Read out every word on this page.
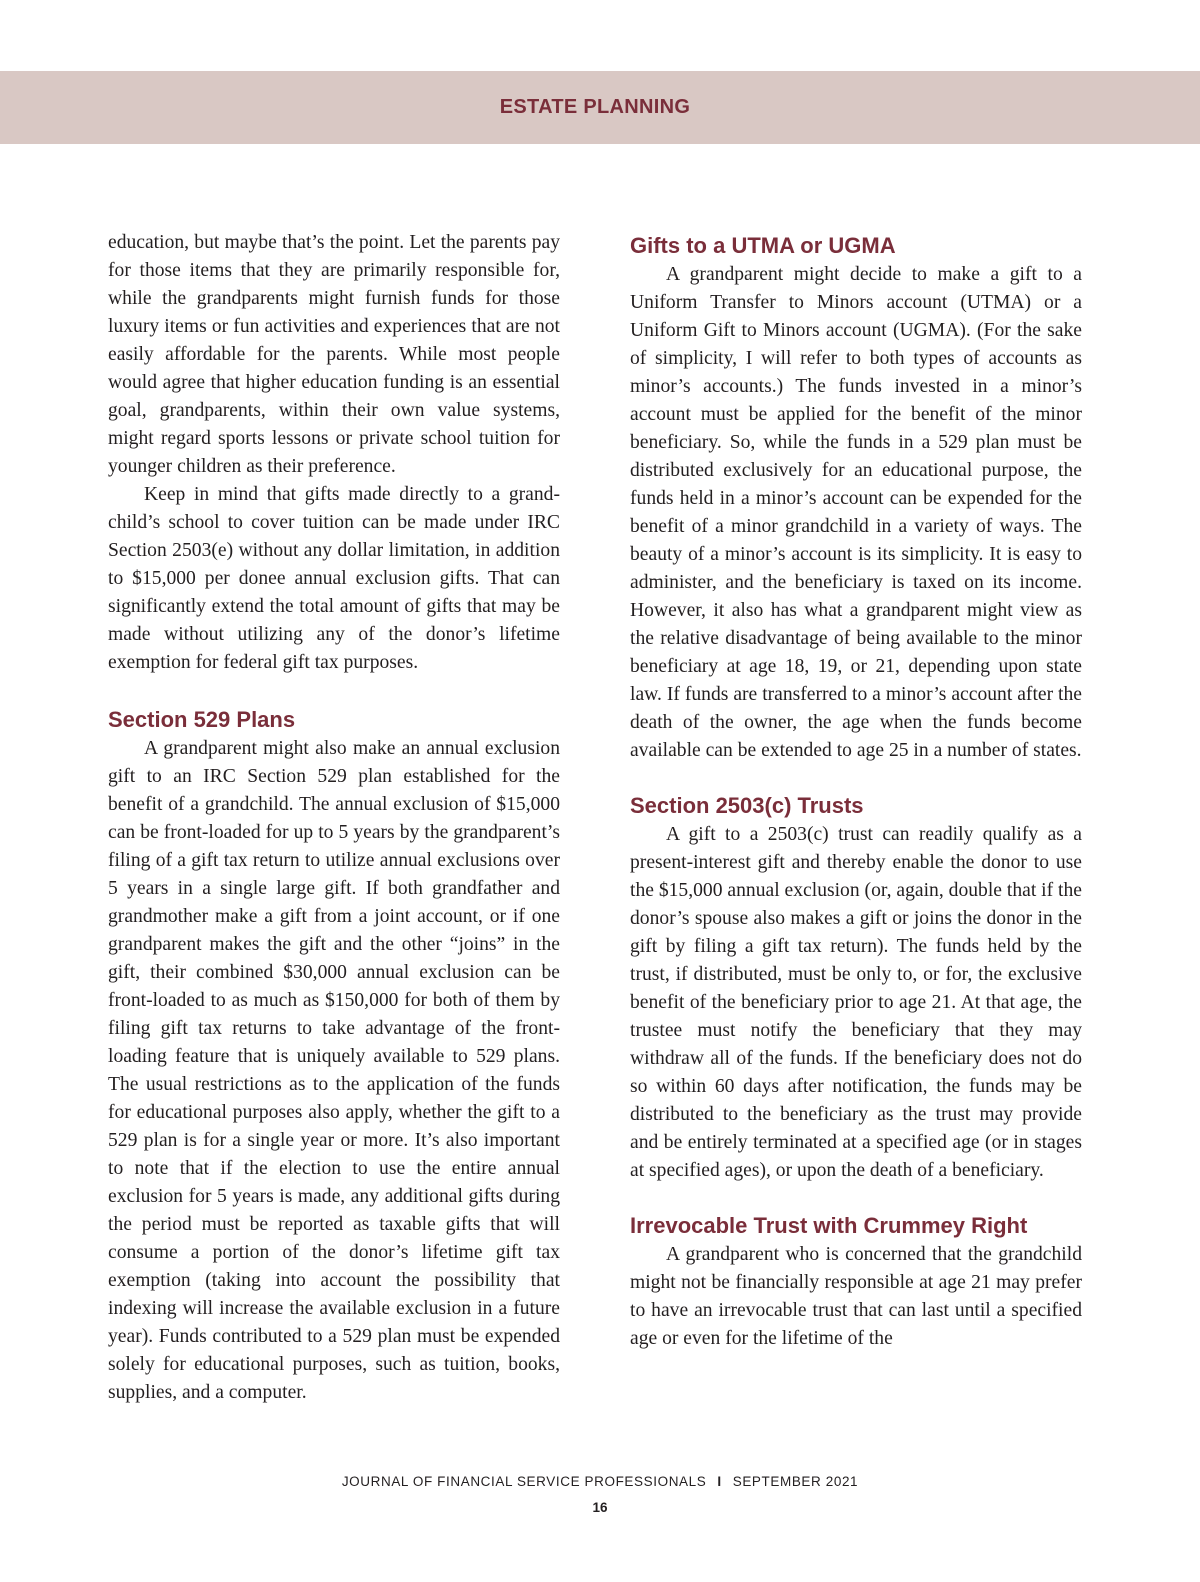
ESTATE PLANNING

education, but maybe that’s the point. Let the parents pay for those items that they are primarily responsible for, while the grandparents might furnish funds for those luxury items or fun activities and experiences that are not easily affordable for the parents. While most people would agree that higher education funding is an essential goal, grandparents, within their own value systems, might regard sports lessons or private school tuition for younger children as their preference.

Keep in mind that gifts made directly to a grandchild’s school to cover tuition can be made under IRC Section 2503(e) without any dollar limitation, in addition to $15,000 per donee annual exclusion gifts. That can significantly extend the total amount of gifts that may be made without utilizing any of the donor’s lifetime exemption for federal gift tax purposes.

Section 529 Plans

A grandparent might also make an annual exclusion gift to an IRC Section 529 plan established for the benefit of a grandchild. The annual exclusion of $15,000 can be front-loaded for up to 5 years by the grandparent’s filing of a gift tax return to utilize annual exclusions over 5 years in a single large gift. If both grandfather and grandmother make a gift from a joint account, or if one grandparent makes the gift and the other “joins” in the gift, their combined $30,000 annual exclusion can be front-loaded to as much as $150,000 for both of them by filing gift tax returns to take advantage of the front-loading feature that is uniquely available to 529 plans. The usual restrictions as to the application of the funds for educational purposes also apply, whether the gift to a 529 plan is for a single year or more. It’s also important to note that if the election to use the entire annual exclusion for 5 years is made, any additional gifts during the period must be reported as taxable gifts that will consume a portion of the donor’s lifetime gift tax exemption (taking into account the possibility that indexing will increase the available exclusion in a future year). Funds contributed to a 529 plan must be expended solely for educational purposes, such as tuition, books, supplies, and a computer.

Gifts to a UTMA or UGMA

A grandparent might decide to make a gift to a Uniform Transfer to Minors account (UTMA) or a Uniform Gift to Minors account (UGMA). (For the sake of simplicity, I will refer to both types of accounts as minor’s accounts.) The funds invested in a minor’s account must be applied for the benefit of the minor beneficiary. So, while the funds in a 529 plan must be distributed exclusively for an educational purpose, the funds held in a minor’s account can be expended for the benefit of a minor grandchild in a variety of ways. The beauty of a minor’s account is its simplicity. It is easy to administer, and the beneficiary is taxed on its income. However, it also has what a grandparent might view as the relative disadvantage of being available to the minor beneficiary at age 18, 19, or 21, depending upon state law. If funds are transferred to a minor’s account after the death of the owner, the age when the funds become available can be extended to age 25 in a number of states.

Section 2503(c) Trusts

A gift to a 2503(c) trust can readily qualify as a present-interest gift and thereby enable the donor to use the $15,000 annual exclusion (or, again, double that if the donor’s spouse also makes a gift or joins the donor in the gift by filing a gift tax return). The funds held by the trust, if distributed, must be only to, or for, the exclusive benefit of the beneficiary prior to age 21. At that age, the trustee must notify the beneficiary that they may withdraw all of the funds. If the beneficiary does not do so within 60 days after notification, the funds may be distributed to the beneficiary as the trust may provide and be entirely terminated at a specified age (or in stages at specified ages), or upon the death of a beneficiary.

Irrevocable Trust with Crummey Right

A grandparent who is concerned that the grandchild might not be financially responsible at age 21 may prefer to have an irrevocable trust that can last until a specified age or even for the lifetime of the

JOURNAL OF FINANCIAL SERVICE PROFESSIONALS I SEPTEMBER 2021
16
